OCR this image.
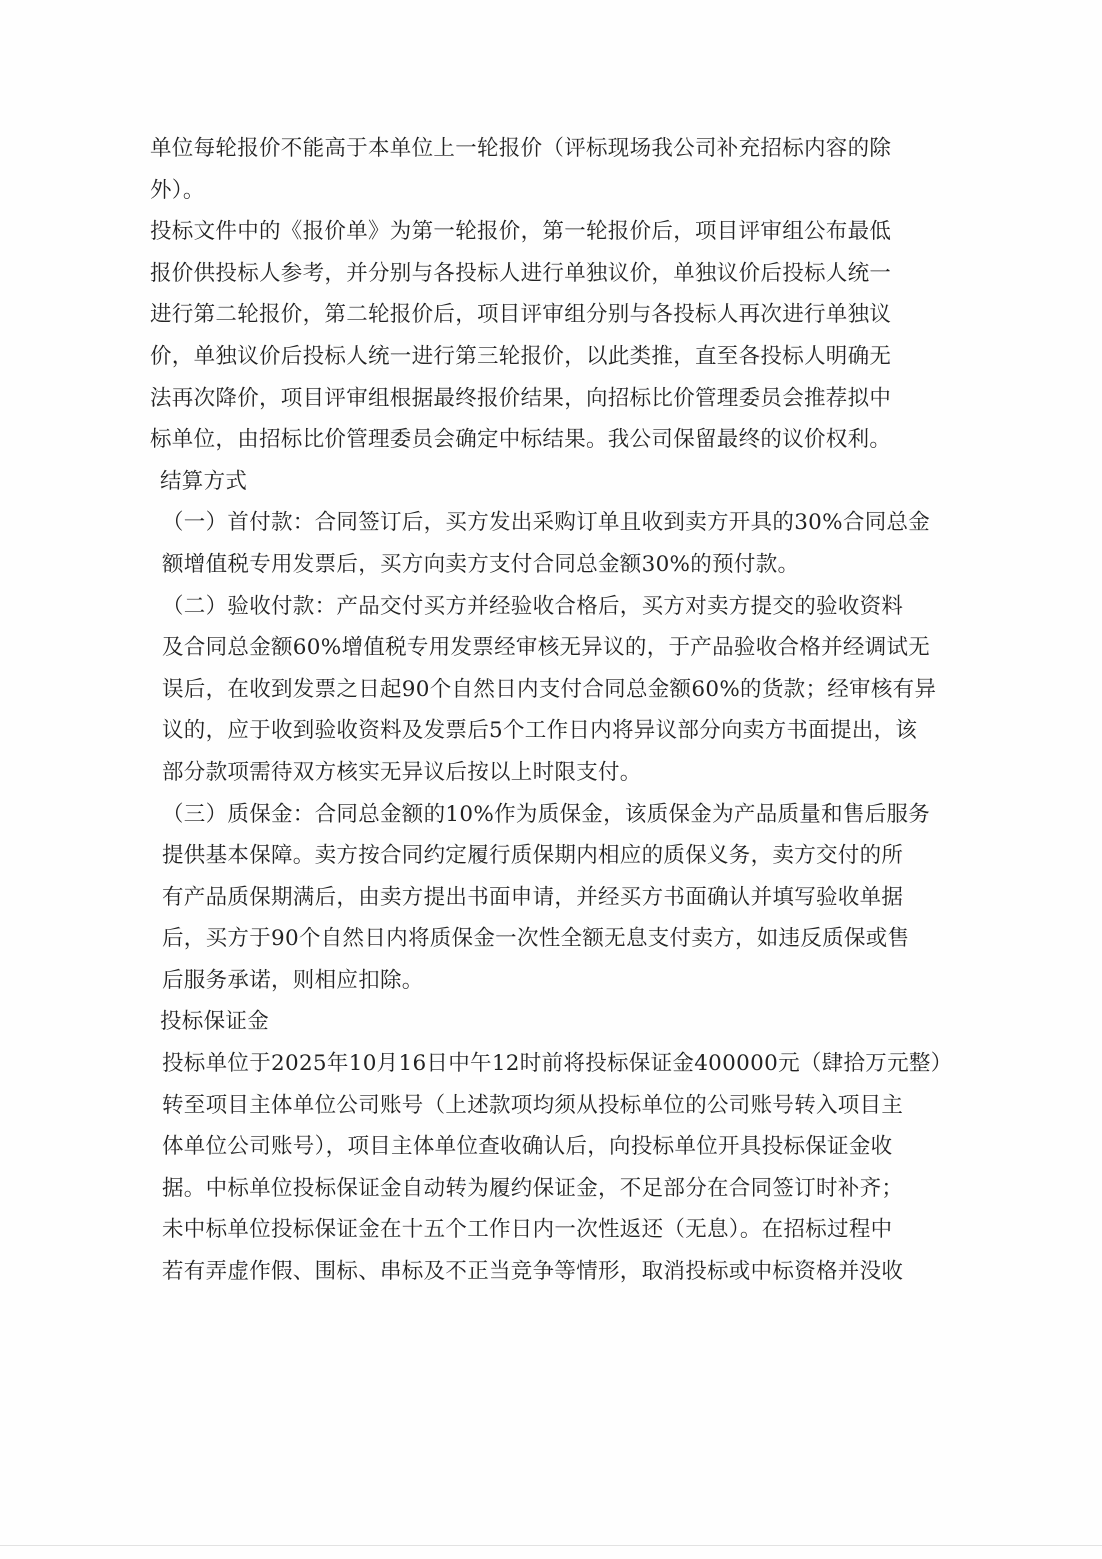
单位每轮报价不能高于本单位上一轮报价（评标现场我公司补充招标内容的除
外）。
投标文件中的《报价单》为第一轮报价，第一轮报价后，项目评审组公布最低
报价供投标人参考，并分别与各投标人进行单独议价，单独议价后投标人统一
进行第二轮报价，第二轮报价后，项目评审组分别与各投标人再次进行单独议
价，单独议价后投标人统一进行第三轮报价，以此类推，直至各投标人明确无
法再次降价，项目评审组根据最终报价结果，向招标比价管理委员会推荐拟中
标单位，由招标比价管理委员会确定中标结果。我公司保留最终的议价权利。
结算方式
（一）首付款：合同签订后，买方发出采购订单且收到卖方开具的30%合同总金
额增值税专用发票后，买方向卖方支付合同总金额30%的预付款。
（二）验收付款：产品交付买方并经验收合格后，买方对卖方提交的验收资料
及合同总金额60%增值税专用发票经审核无异议的，于产品验收合格并经调试无
误后，在收到发票之日起90个自然日内支付合同总金额60%的货款；经审核有异
议的，应于收到验收资料及发票后5个工作日内将异议部分向卖方书面提出，该
部分款项需待双方核实无异议后按以上时限支付。
（三）质保金：合同总金额的10%作为质保金，该质保金为产品质量和售后服务
提供基本保障。卖方按合同约定履行质保期内相应的质保义务，卖方交付的所
有产品质保期满后，由卖方提出书面申请，并经买方书面确认并填写验收单据
后，买方于90个自然日内将质保金一次性全额无息支付卖方，如违反质保或售
后服务承诺，则相应扣除。
投标保证金
投标单位于2025年10月16日中午12时前将投标保证金400000元（肆拾万元整）
转至项目主体单位公司账号（上述款项均须从投标单位的公司账号转入项目主
体单位公司账号），项目主体单位查收确认后，向投标单位开具投标保证金收
据。中标单位投标保证金自动转为履约保证金，不足部分在合同签订时补齐；
未中标单位投标保证金在十五个工作日内一次性返还（无息）。在招标过程中
若有弄虚作假、围标、串标及不正当竞争等情形，取消投标或中标资格并没收
